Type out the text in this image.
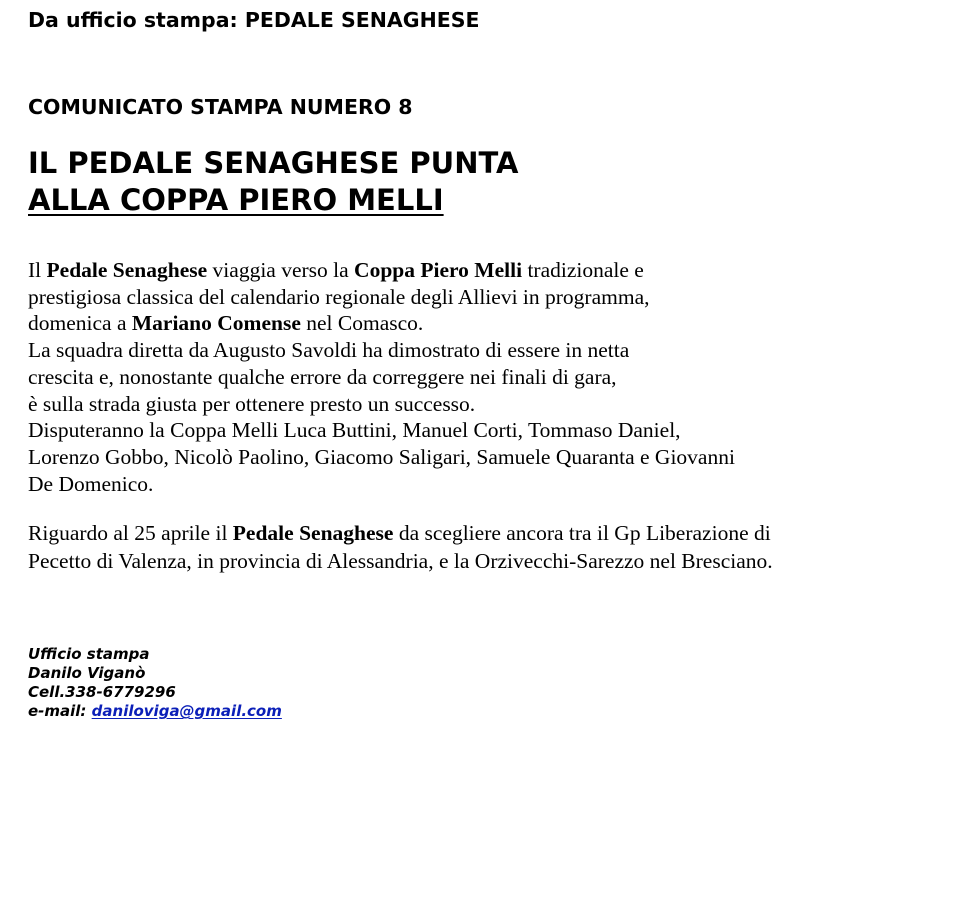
Da ufficio stampa: PEDALE SENAGHESE
COMUNICATO STAMPA NUMERO 8
IL PEDALE SENAGHESE PUNTA
ALLA COPPA PIERO MELLI
Il Pedale Senaghese viaggia verso la Coppa Piero Melli tradizionale e
prestigiosa classica del calendario regionale degli Allievi in programma,
domenica a Mariano Comense nel Comasco.
La squadra diretta da Augusto Savoldi ha dimostrato di essere in netta
crescita e, nonostante qualche errore da correggere nei finali di gara,
è sulla strada giusta per ottenere presto un successo.
Disputeranno la Coppa Melli Luca Buttini, Manuel Corti, Tommaso Daniel,
Lorenzo Gobbo, Nicolò Paolino, Giacomo Saligari, Samuele Quaranta e Giovanni
De Domenico.
Riguardo al 25 aprile il Pedale Senaghese da scegliere ancora tra il Gp Liberazione di
Pecetto di Valenza, in provincia di Alessandria, e la Orzivecchi-Sarezzo nel Bresciano.
Ufficio stampa
Danilo Viganò
Cell.338-6779296
e-mail: daniloviga@gmail.com
